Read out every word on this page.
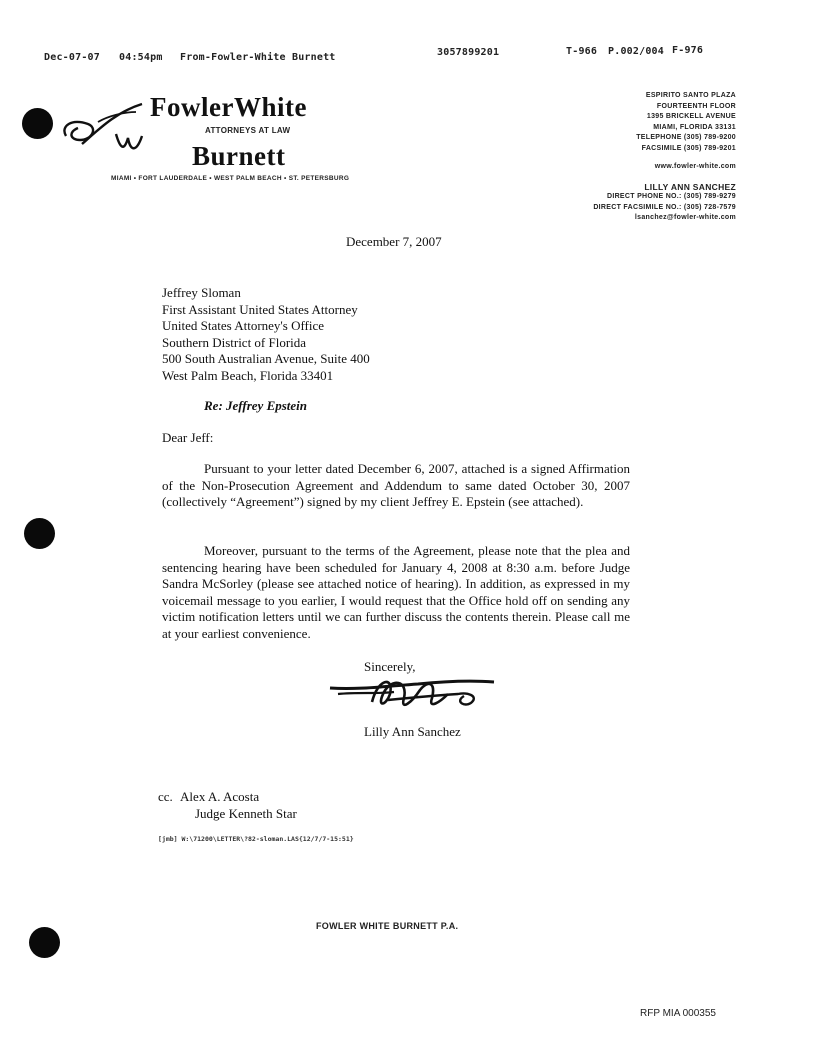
Dec-07-07 04:54pm From-Fowler-White Burnett	3057899201	T-966 P.002/004 F-976
FowlerWhite
ATTORNEYS AT LAW
Burnett
MIAMI • FORT LAUDERDALE • WEST PALM BEACH • ST. PETERSBURG
ESPIRITO SANTO PLAZA
FOURTEENTH FLOOR
1395 BRICKELL AVENUE
MIAMI, FLORIDA 33131
TELEPHONE (305) 789-9200
FACSIMILE (305) 789-9201
www.fowler-white.com
LILLY ANN SANCHEZ
DIRECT PHONE NO.: (305) 789-9279
DIRECT FACSIMILE NO.: (305) 728-7579
lsanchez@fowler-white.com
December 7, 2007
Jeffrey Sloman
First Assistant United States Attorney
United States Attorney's Office
Southern District of Florida
500 South Australian Avenue, Suite 400
West Palm Beach, Florida 33401
Re: Jeffrey Epstein
Dear Jeff:
Pursuant to your letter dated December 6, 2007, attached is a signed Affirmation of the Non-Prosecution Agreement and Addendum to same dated October 30, 2007 (collectively “Agreement”) signed by my client Jeffrey E. Epstein (see attached).
Moreover, pursuant to the terms of the Agreement, please note that the plea and sentencing hearing have been scheduled for January 4, 2008 at 8:30 a.m. before Judge Sandra McSorley (please see attached notice of hearing). In addition, as expressed in my voicemail message to you earlier, I would request that the Office hold off on sending any victim notification letters until we can further discuss the contents therein. Please call me at your earliest convenience.
Sincerely,
Lilly Ann Sanchez
cc. Alex A. Acosta
Judge Kenneth Star
[jmb] W:\71200\LETTER\?82-sloman.LAS{12/7/7-15:51}
FOWLER WHITE BURNETT P.A.
RFP MIA 000355
